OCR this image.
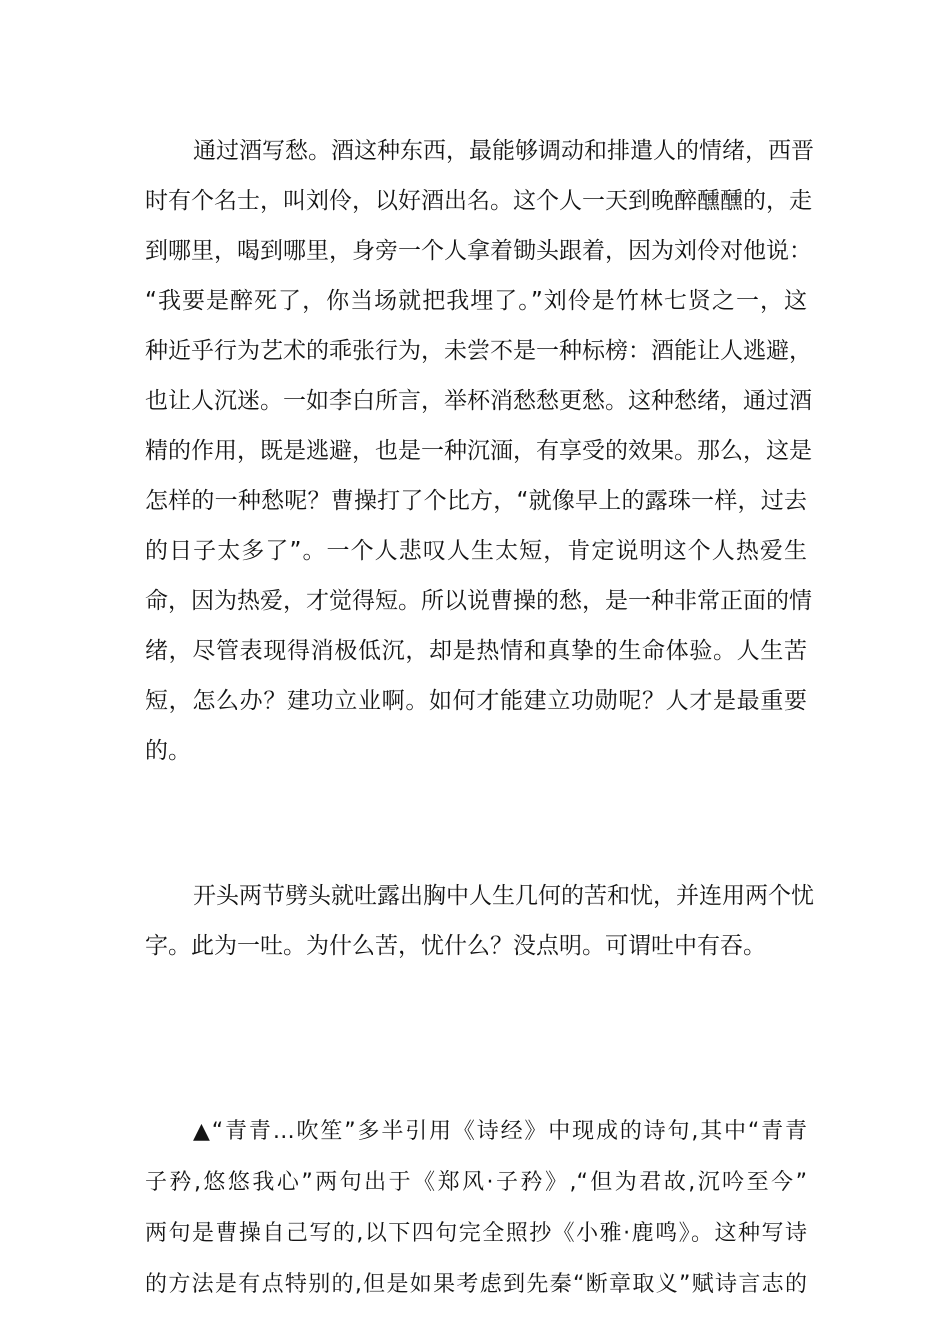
通过酒写愁。酒这种东西，最能够调动和排遣人的情绪，西晋
时有个名士，叫刘伶，以好酒出名。这个人一天到晚醉醺醺的，走
到哪里，喝到哪里，身旁一个人拿着锄头跟着，因为刘伶对他说：
“我要是醉死了，你当场就把我埋了。”刘伶是竹林七贤之一，这
种近乎行为艺术的乖张行为，未尝不是一种标榜：酒能让人逃避，
也让人沉迷。一如李白所言，举杯消愁愁更愁。这种愁绪，通过酒
精的作用，既是逃避，也是一种沉湎，有享受的效果。那么，这是
怎样的一种愁呢？曹操打了个比方，“就像早上的露珠一样，过去
的日子太多了”。一个人悲叹人生太短，肯定说明这个人热爱生
命，因为热爱，才觉得短。所以说曹操的愁，是一种非常正面的情
绪，尽管表现得消极低沉，却是热情和真挚的生命体验。人生苦
短，怎么办？建功立业啊。如何才能建立功勋呢？人才是最重要
的。
开头两节劈头就吐露出胸中人生几何的苦和忧，并连用两个忧
字。此为一吐。为什么苦，忧什么？没点明。可谓吐中有吞。
▲“青青…吹笙”多半引用《诗经》中现成的诗句,其中“青青
子矜,悠悠我心”两句出于《郑风·子矜》,“但为君故,沉吟至今”
两句是曹操自己写的,以下四句完全照抄《小雅·鹿鸣》。这种写诗
的方法是有点特别的,但是如果考虑到先秦“断章取义”赋诗言志的
